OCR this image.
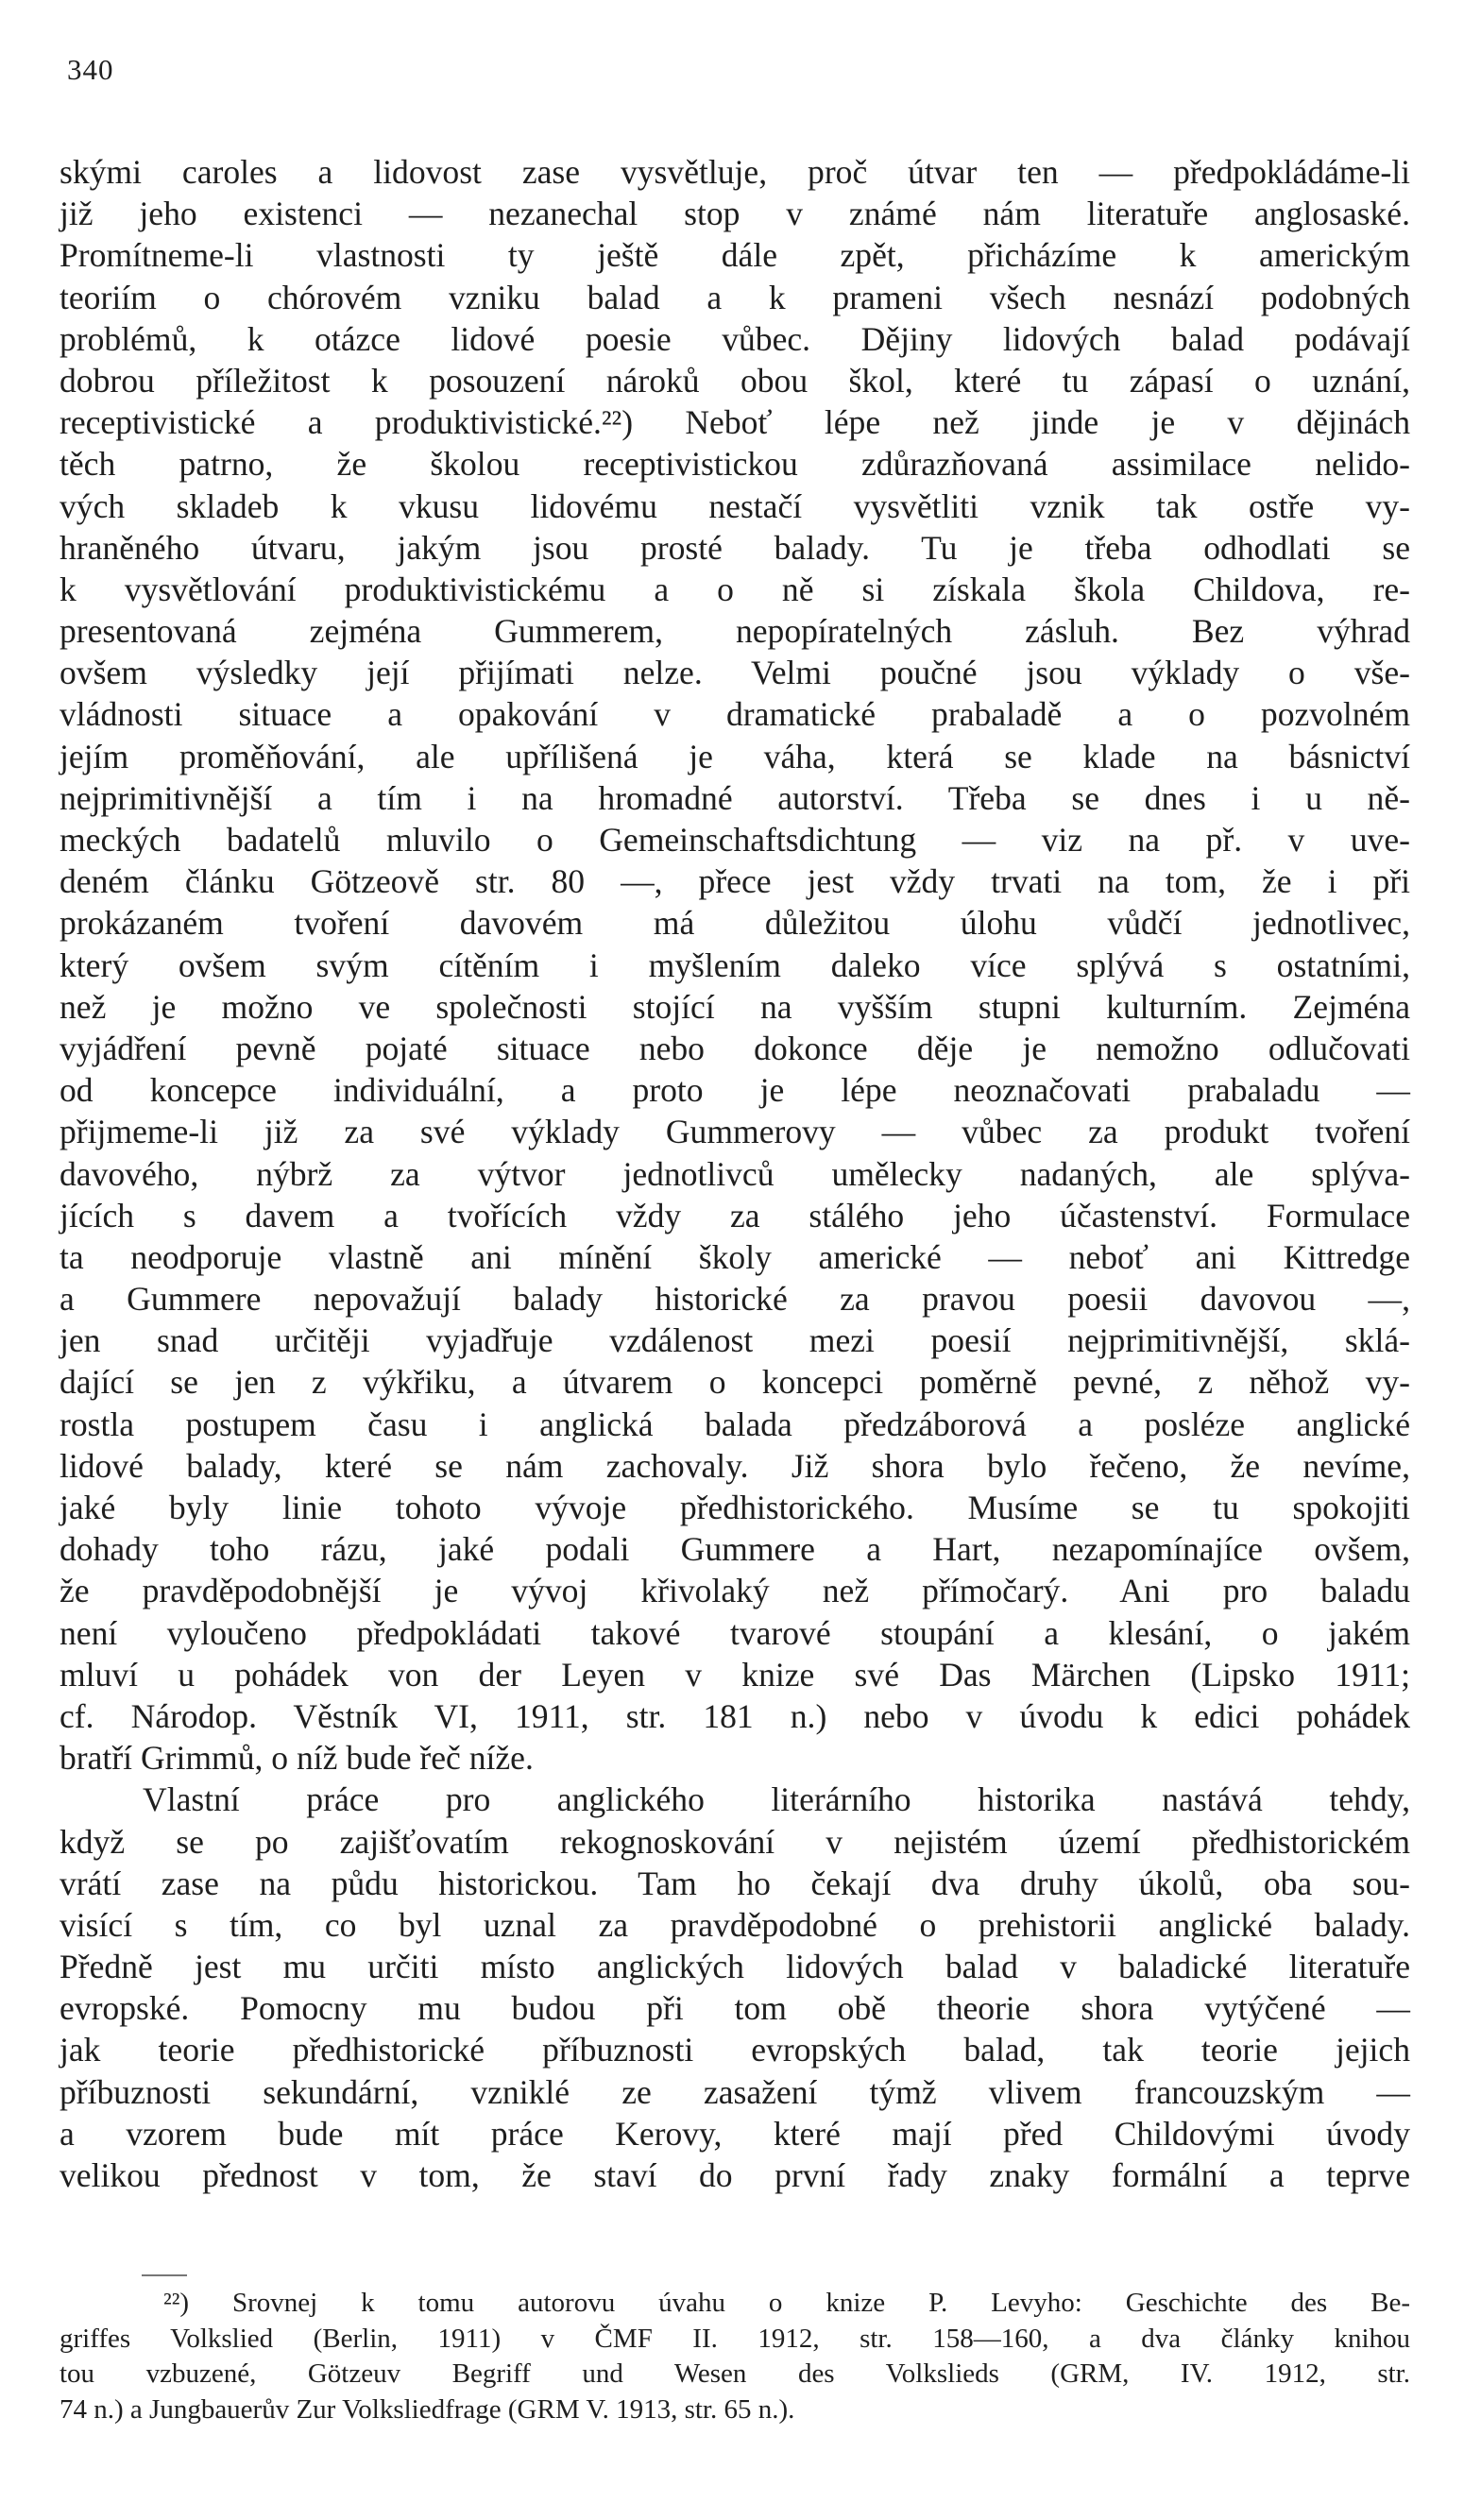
340
skými caroles a lidovost zase vysvětluje, proč útvar ten — předpokládáme-li
již jeho existenci — nezanechal stop v známé nám literatuře anglosaské.
Promítneme-li vlastnosti ty ještě dále zpět, přicházíme k americkým
teoriím o chórovém vzniku balad a k prameni všech nesnází podobných
problémů, k otázce lidové poesie vůbec. Dějiny lidových balad podávají
dobrou příležitost k posouzení nároků obou škol, které tu zápasí o uznání,
receptivistické a produktivistické.²²) Neboť lépe než jinde je v dějinách
těch patrno, že školou receptivistickou zdůrazňovaná assimilace nelido-
vých skladeb k vkusu lidovému nestačí vysvětliti vznik tak ostře vy-
hraněného útvaru, jakým jsou prosté balady. Tu je třeba odhodlati se
k vysvětlování produktivistickému a o ně si získala škola Childova, re-
presentovaná zejména Gummerem, nepopíratelných zásluh. Bez výhrad
ovšem výsledky její přijímati nelze. Velmi poučné jsou výklady o vše-
vládnosti situace a opakování v dramatické prabaladě a o pozvolném
jejím proměňování, ale upřílišená je váha, která se klade na básnictví
nejprimitivnější a tím i na hromadné autorství. Třeba se dnes i u ně-
meckých badatelů mluvilo o Gemeinschaftsdichtung — viz na př. v uve-
deném článku Götzeově str. 80 —, přece jest vždy trvati na tom, že i při
prokázaném tvoření davovém má důležitou úlohu vůdčí jednotlivec,
který ovšem svým cítěním i myšlením daleko více splývá s ostatními,
než je možno ve společnosti stojící na vyšším stupni kulturním. Zejména
vyjádření pevně pojaté situace nebo dokonce děje je nemožno odlučovati
od koncepce individuální, a proto je lépe neoznačovati prabaladu —
přijmeme-li již za své výklady Gummerovy — vůbec za produkt tvoření
davového, nýbrž za výtvor jednotlivců umělecky nadaných, ale splýva-
jících s davem a tvořících vždy za stálého jeho účastenství. Formulace
ta neodporuje vlastně ani mínění školy americké — neboť ani Kittredge
a Gummere nepovažují balady historické za pravou poesii davovou —,
jen snad určitěji vyjadřuje vzdálenost mezi poesií nejprimitivnější, sklá-
dající se jen z výkřiku, a útvarem o koncepci poměrně pevné, z něhož vy-
rostla postupem času i anglická balada předzáborová a posléze anglické
lidové balady, které se nám zachovaly. Již shora bylo řečeno, že nevíme,
jaké byly linie tohoto vývoje předhistorického. Musíme se tu spokojiti
dohady toho rázu, jaké podali Gummere a Hart, nezapomínajíce ovšem,
že pravděpodobnější je vývoj křivolaký než přímočarý. Ani pro baladu
není vyloučeno předpokládati takové tvarové stoupání a klesání, o jakém
mluví u pohádek von der Leyen v knize své Das Märchen (Lipsko 1911;
cf. Národop. Věstník VI, 1911, str. 181 n.) nebo v úvodu k edici pohádek
bratří Grimmů, o níž bude řeč níže.
Vlastní práce pro anglického literárního historika nastává tehdy,
když se po zajišťovatím rekognoskování v nejistém území předhistorickém
vrátí zase na půdu historickou. Tam ho čekají dva druhy úkolů, oba sou-
visící s tím, co byl uznal za pravděpodobné o prehistorii anglické balady.
Předně jest mu určiti místo anglických lidových balad v baladické literatuře
evropské. Pomocny mu budou při tom obě theorie shora vytýčené —
jak teorie předhistorické příbuznosti evropských balad, tak teorie jejich
příbuznosti sekundární, vzniklé ze zasažení týmž vlivem francouzským —
a vzorem bude mít práce Kerovy, které mají před Childovými úvody
velikou přednost v tom, že staví do první řady znaky formální a teprve
²²) Srovnej k tomu autorovu úvahu o knize P. Levyho: Geschichte des Be-
griffes Volkslied (Berlin, 1911) v ČMF II. 1912, str. 158—160, a dva články knihou
tou vzbuzené, Götzeuv Begriff und Wesen des Volkslieds (GRM, IV. 1912, str.
74 n.) a Jungbauerův Zur Volksliedfrage (GRM V. 1913, str. 65 n.).
